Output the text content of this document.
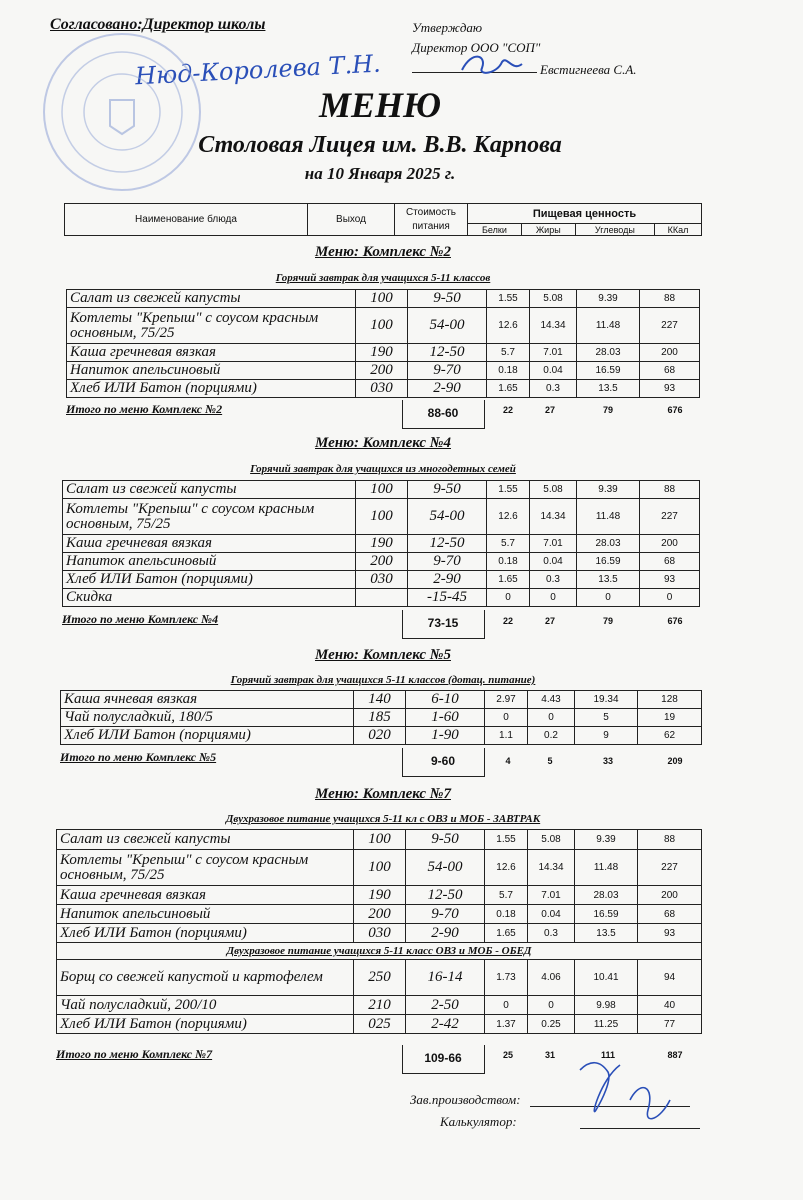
Согласовано:Директор школы
Нюд-Королева Т.Н.
Утверждаю
Директор ООО "СОП"
Евстигнеева С.А.
МЕНЮ
Столовая Лицея им. В.В. Карпова
на 10 Января 2025 г.
Наименование блюда	Выход	Стоимость питания	Пищевая ценность			
			Белки	Жиры	Углеводы	ККал
Меню: Комплекс №2
Горячий завтрак для учащихся 5-11 классов
Салат из свежей капусты	100	9-50	1.55	5.08	9.39	88
Котлеты "Крепыш" с соусом красным основным, 75/25	100	54-00	12.6	14.34	11.48	227
Каша гречневая вязкая	190	12-50	5.7	7.01	28.03	200
Напиток апельсиновый	200	9-70	0.18	0.04	16.59	68
Хлеб ИЛИ Батон (порциями)	030	2-90	1.65	0.3	13.5	93
Итого по меню Комплекс №2	88-60	22	27	79	676
Меню: Комплекс №4
Горячий завтрак для учащихся из многодетных семей
Салат из свежей капусты	100	9-50	1.55	5.08	9.39	88
Котлеты "Крепыш" с соусом красным основным, 75/25	100	54-00	12.6	14.34	11.48	227
Каша гречневая вязкая	190	12-50	5.7	7.01	28.03	200
Напиток апельсиновый	200	9-70	0.18	0.04	16.59	68
Хлеб ИЛИ Батон (порциями)	030	2-90	1.65	0.3	13.5	93
Скидка		-15-45	0	0	0	0
Итого по меню Комплекс №4	73-15	22	27	79	676
Меню: Комплекс №5
Горячий завтрак для учащихся 5-11 классов (дотац. питание)
Каша ячневая вязкая	140	6-10	2.97	4.43	19.34	128
Чай полусладкий, 180/5	185	1-60	0	0	5	19
Хлеб ИЛИ Батон (порциями)	020	1-90	1.1	0.2	9	62
Итого по меню Комплекс №5	9-60	4	5	33	209
Меню: Комплекс №7
Двухразовое питание учащихся 5-11 кл с ОВЗ и МОБ - ЗАВТРАК
Салат из свежей капусты	100	9-50	1.55	5.08	9.39	88
Котлеты "Крепыш" с соусом красным основным, 75/25	100	54-00	12.6	14.34	11.48	227
Каша гречневая вязкая	190	12-50	5.7	7.01	28.03	200
Напиток апельсиновый	200	9-70	0.18	0.04	16.59	68
Хлеб ИЛИ Батон (порциями)	030	2-90	1.65	0.3	13.5	93
Двухразовое питание учащихся 5-11 класс ОВЗ и МОБ - ОБЕД						
Борщ со свежей капустой и картофелем	250	16-14	1.73	4.06	10.41	94
Чай полусладкий, 200/10	210	2-50	0	0	9.98	40
Хлеб ИЛИ Батон (порциями)	025	2-42	1.37	0.25	11.25	77
Итого по меню Комплекс №7	109-66	25	31	111	887
Зав.производством:
Калькулятор:
